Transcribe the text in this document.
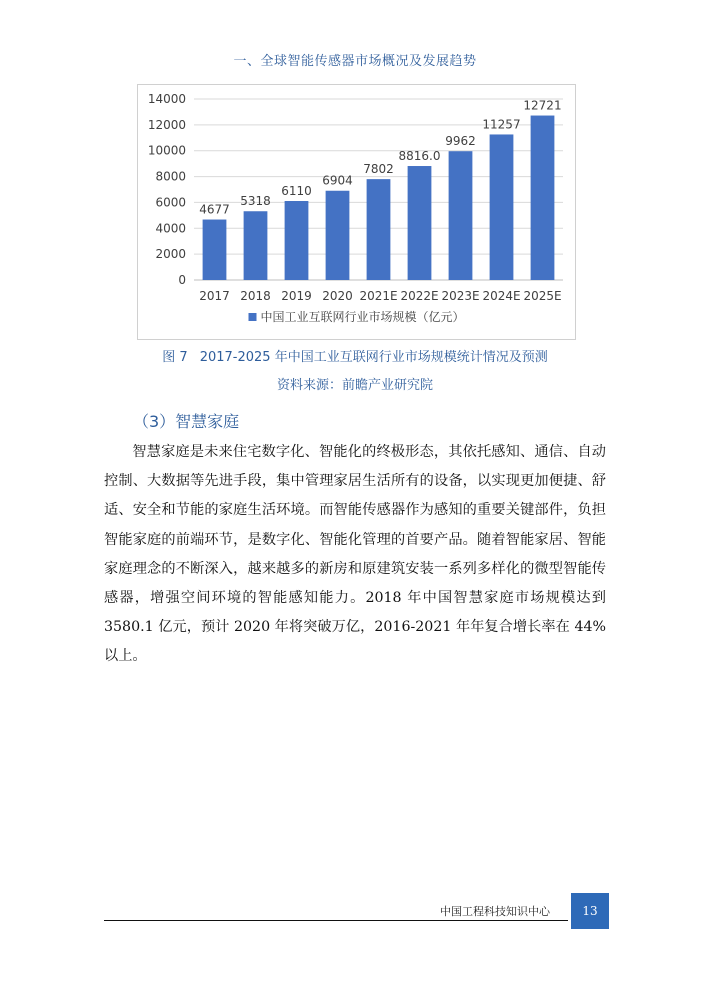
一、全球智能传感器市场概况及发展趋势
0
2000
4000
6000
8000
10000
12000
14000
4677
2017
5318
2018
6110
2019
6904
2020
7802
2021E
8816.0
2022E
9962
2023E
11257
2024E
12721
2025E
中国工业互联网行业市场规模（亿元）
图 7 2017-2025 年中国工业互联网行业市场规模统计情况及预测
资料来源：前瞻产业研究院
（3）智慧家庭

智慧家庭是未来住宅数字化、智能化的终极形态，其依托感知、通信、自动控制、大数据等先进手段，集中管理家居生活所有的设备，以实现更加便捷、舒适、安全和节能的家庭生活环境。而智能传感器作为感知的重要关键部件，负担智能家庭的前端环节，是数字化、智能化管理的首要产品。随着智能家居、智能家庭理念的不断深入，越来越多的新房和原建筑安装一系列多样化的微型智能传感器，增强空间环境的智能感知能力。2018 年中国智慧家庭市场规模达到 3580.1 亿元，预计 2020 年将突破万亿，2016-2021 年年复合增长率在 44%以上。

中国工程科技知识中心	13
